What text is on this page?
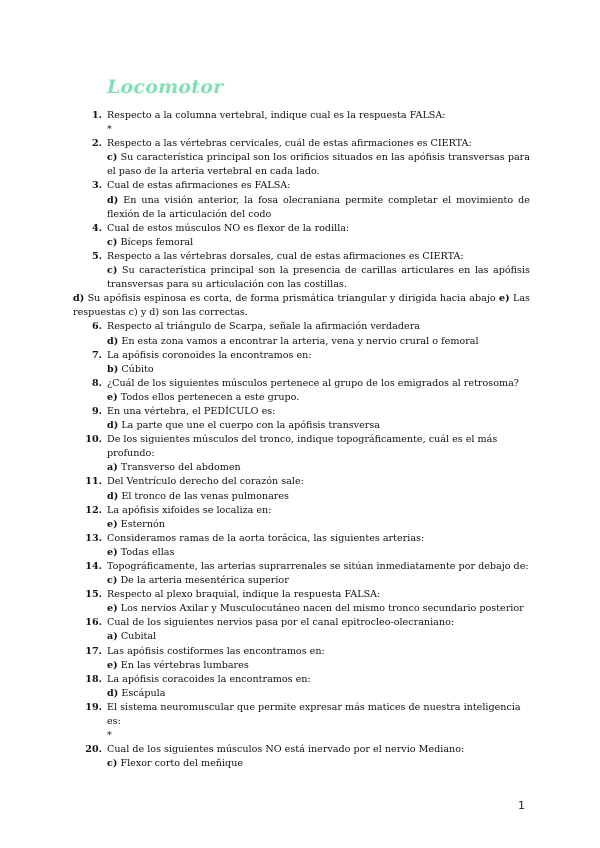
Locomotor
1. Respecto a la columna vertebral, indique cual es la respuesta FALSA:
*
2. Respecto a las vértebras cervicales, cuál de estas afirmaciones es CIERTA:
c) Su característica principal son los orificios situados en las apófisis transversas para el paso de la arteria vertebral en cada lado.
3. Cual de estas afirmaciones es FALSA:
d) En una visión anterior, la fosa olecraniana permite completar el movimiento de flexión de la articulación del codo
4. Cual de estos músculos NO es flexor de la rodilla:
c) Bíceps femoral
5. Respecto a las vértebras dorsales, cual de estas afirmaciones es CIERTA:
c) Su característica principal son la presencia de carillas articulares en las apófisis transversas para su articulación con las costillas.
d) Su apófisis espinosa es corta, de forma prismática triangular y dirigida hacia abajo e) Las respuestas c) y d) son las correctas.
6. Respecto al triángulo de Scarpa, señale la afirmación verdadera
d) En esta zona vamos a encontrar la arteria, vena y nervio crural o femoral
7. La apófisis coronoides la encontramos en:
b) Cúbito
8. ¿Cuál de los siguientes músculos pertenece al grupo de los emigrados al retrosoma?
e) Todos ellos pertenecen a este grupo.
9. En una vértebra, el PEDÍCULO es:
d) La parte que une el cuerpo con la apófisis transversa
10. De los siguientes músculos del tronco, indique topográficamente, cuál es el más profundo:
a) Transverso del abdomen
11. Del Ventrículo derecho del corazón sale:
d) El tronco de las venas pulmonares
12. La apófisis xifoides se localiza en:
e) Esternón
13. Consideramos ramas de la aorta torácica, las siguientes arterias:
e) Todas ellas
14. Topográficamente, las arterias suprarrenales se sitúan inmediatamente por debajo de:
c) De la arteria mesentérica superior
15. Respecto al plexo braquial, indique la respuesta FALSA:
e) Los nervios Axilar y Musculocutáneo nacen del mismo tronco secundario posterior
16. Cual de los siguientes nervios pasa por el canal epitrocleo-olecraniano:
a) Cubital
17. Las apófisis costiformes las encontramos en:
e) En las vértebras lumbares
18. La apófisis coracoides la encontramos en:
d) Escápula
19. El sistema neuromuscular que permite expresar más matices de nuestra inteligencia es:
*
20. Cual de los siguientes músculos NO está inervado por el nervio Mediano:
c) Flexor corto del meñique
1
